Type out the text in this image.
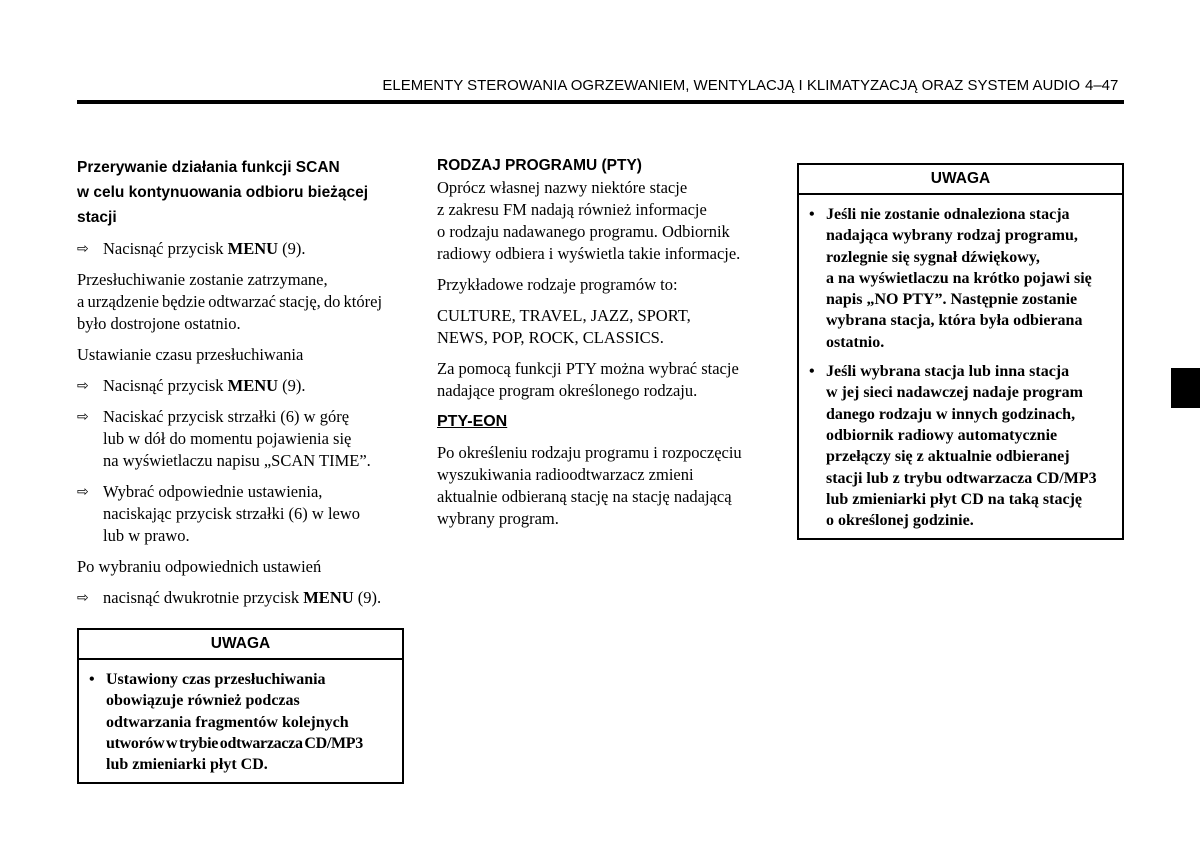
ELEMENTY STEROWANIA OGRZEWANIEM, WENTYLACJĄ I KLIMATYZACJĄ ORAZ SYSTEM AUDIO 4–47
Przerywanie działania funkcji SCAN
w celu kontynuowania odbioru bieżącej
stacji
⇨ Nacisnąć przycisk MENU (9).

Przesłuchiwanie zostanie zatrzymane,
a urządzenie będzie odtwarzać stację, do której
było dostrojone ostatnio.

Ustawianie czasu przesłuchiwania

⇨ Nacisnąć przycisk MENU (9).
⇨ Naciskać przycisk strzałki (6) w górę
lub w dół do momentu pojawienia się
na wyświetlaczu napisu „SCAN TIME”.
⇨ Wybrać odpowiednie ustawienia,
naciskając przycisk strzałki (6) w lewo
lub w prawo.

Po wybraniu odpowiednich ustawień

⇨ nacisnąć dwukrotnie przycisk MENU (9).
UWAGA
• Ustawiony czas przesłuchiwania
obowiązuje również podczas
odtwarzania fragmentów kolejnych
utworów w trybie odtwarzacza CD/MP3
lub zmieniarki płyt CD.
RODZAJ PROGRAMU (PTY)

Oprócz własnej nazwy niektóre stacje
z zakresu FM nadają również informacje
o rodzaju nadawanego programu. Odbiornik
radiowy odbiera i wyświetla takie informacje.

Przykładowe rodzaje programów to:

CULTURE, TRAVEL, JAZZ, SPORT,
NEWS, POP, ROCK, CLASSICS.

Za pomocą funkcji PTY można wybrać stacje
nadające program określonego rodzaju.

PTY-EON

Po określeniu rodzaju programu i rozpoczęciu
wyszukiwania radioodtwarzacz zmieni
aktualnie odbieraną stację na stację nadającą
wybrany program.

UWAGA
• Jeśli nie zostanie odnaleziona stacja
nadająca wybrany rodzaj programu,
rozlegnie się sygnał dźwiękowy,
a na wyświetlaczu na krótko pojawi się
napis „NO PTY”. Następnie zostanie
wybrana stacja, która była odbierana
ostatnio.
• Jeśli wybrana stacja lub inna stacja
w jej sieci nadawczej nadaje program
danego rodzaju w innych godzinach,
odbiornik radiowy automatycznie
przełączy się z aktualnie odbieranej
stacji lub z trybu odtwarzacza CD/MP3
lub zmieniarki płyt CD na taką stację
o określonej godzinie.
